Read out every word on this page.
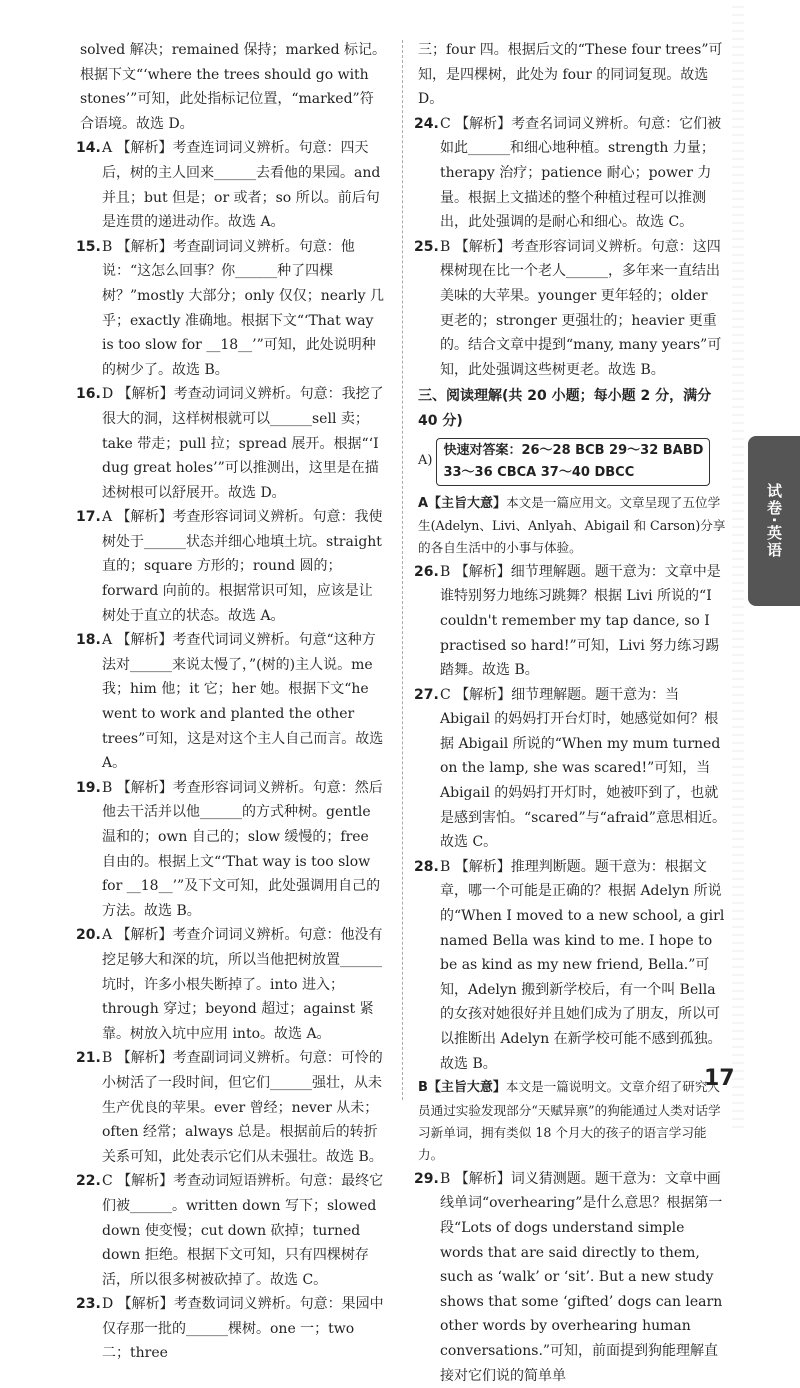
solved 解决；remained 保持；marked 标记。根据下文“‘where the trees should go with stones’”可知，此处指标记位置，“marked”符合语境。故选 D。

14. A 【解析】考查连词词义辨析。句意：四天后，树的主人回来______去看他的果园。and 并且；but 但是；or 或者；so 所以。前后句是连贯的递进动作。故选 A。
15. B 【解析】考查副词词义辨析。句意：他说：“这怎么回事？你______种了四棵树？”mostly 大部分；only 仅仅；nearly 几乎；exactly 准确地。根据下文“‘That way is too slow for __18__’”可知，此处说明种的树少了。故选 B。
16. D 【解析】考查动词词义辨析。句意：我挖了很大的洞，这样树根就可以______sell 卖；take 带走；pull 拉；spread 展开。根据“‘I dug great holes’”可以推测出，这里是在描述树根可以舒展开。故选 D。
17. A 【解析】考查形容词词义辨析。句意：我使树处于______状态并细心地填土坑。straight 直的；square 方形的；round 圆的；forward 向前的。根据常识可知，应该是让树处于直立的状态。故选 A。
18. A 【解析】考查代词词义辨析。句意“这种方法对______来说太慢了，”(树的)主人说。me 我；him 他；it 它；her 她。根据下文“he went to work and planted the other trees”可知，这是对这个主人自己而言。故选 A。
19. B 【解析】考查形容词词义辨析。句意：然后他去干活并以他______的方式种树。gentle 温和的；own 自己的；slow 缓慢的；free 自由的。根据上文“‘That way is too slow for __18__’”及下文可知，此处强调用自己的方法。故选 B。
20. A 【解析】考查介词词义辨析。句意：他没有挖足够大和深的坑，所以当他把树放置______坑时，许多小根失断掉了。into 进入；through 穿过；beyond 超过；against 紧靠。树放入坑中应用 into。故选 A。
21. B 【解析】考查副词词义辨析。句意：可怜的小树活了一段时间，但它们______强壮，从未生产优良的苹果。ever 曾经；never 从未；often 经常；always 总是。根据前后的转折关系可知，此处表示它们从未强壮。故选 B。
22. C 【解析】考查动词短语辨析。句意：最终它们被______。written down 写下；slowed down 使变慢；cut down 砍掉；turned down 拒绝。根据下文可知，只有四棵树存活，所以很多树被砍掉了。故选 C。
23. D 【解析】考查数词词义辨析。句意：果园中仅存那一批的______棵树。one 一；two 二；three

三；four 四。根据后文的“These four trees”可知，是四棵树，此处为 four 的同词复现。故选 D。

24. C 【解析】考查名词词义辨析。句意：它们被如此______和细心地种植。strength 力量；therapy 治疗；patience 耐心；power 力量。根据上文描述的整个种植过程可以推测出，此处强调的是耐心和细心。故选 C。
25. B 【解析】考查形容词词义辨析。句意：这四棵树现在比一个老人______，多年来一直结出美味的大苹果。younger 更年轻的；older 更老的；stronger 更强壮的；heavier 更重的。结合文章中提到“many, many years”可知，此处强调这些树更老。故选 B。
三、阅读理解(共 20 小题；每小题 2 分，满分 40 分)
A)
快速对答案：26～28 BCB 29～32 BABD
33～36 CBCA 37～40 DBCC
A【主旨大意】本文是一篇应用文。文章呈现了五位学生(Adelyn、Livi、Anlyah、Abigail 和 Carson)分享的各自生活中的小事与体验。
26. B 【解析】细节理解题。题干意为：文章中是谁特别努力地练习跳舞？根据 Livi 所说的“I couldn't remember my tap dance, so I practised so hard!”可知，Livi 努力练习踢踏舞。故选 B。
27. C 【解析】细节理解题。题干意为：当 Abigail 的妈妈打开台灯时，她感觉如何？根据 Abigail 所说的“When my mum turned on the lamp, she was scared!”可知，当 Abigail 的妈妈打开灯时，她被吓到了，也就是感到害怕。“scared”与“afraid”意思相近。故选 C。
28. B 【解析】推理判断题。题干意为：根据文章，哪一个可能是正确的？根据 Adelyn 所说的“When I moved to a new school, a girl named Bella was kind to me. I hope to be as kind as my new friend, Bella.”可知，Adelyn 搬到新学校后，有一个叫 Bella 的女孩对她很好并且她们成为了朋友，所以可以推断出 Adelyn 在新学校可能不感到孤独。故选 B。
B【主旨大意】本文是一篇说明文。文章介绍了研究人员通过实验发现部分“天赋异禀”的狗能通过人类对话学习新单词，拥有类似 18 个月大的孩子的语言学习能力。
29. B 【解析】词义猜测题。题干意为：文章中画线单词“overhearing”是什么意思？根据第一段“Lots of dogs understand simple words that are said directly to them, such as ‘walk’ or ‘sit’. But a new study shows that some ‘gifted’ dogs can learn other words by overhearing human conversations.”可知，前面提到狗能理解直接对它们说的简单单
试卷·英语
17
